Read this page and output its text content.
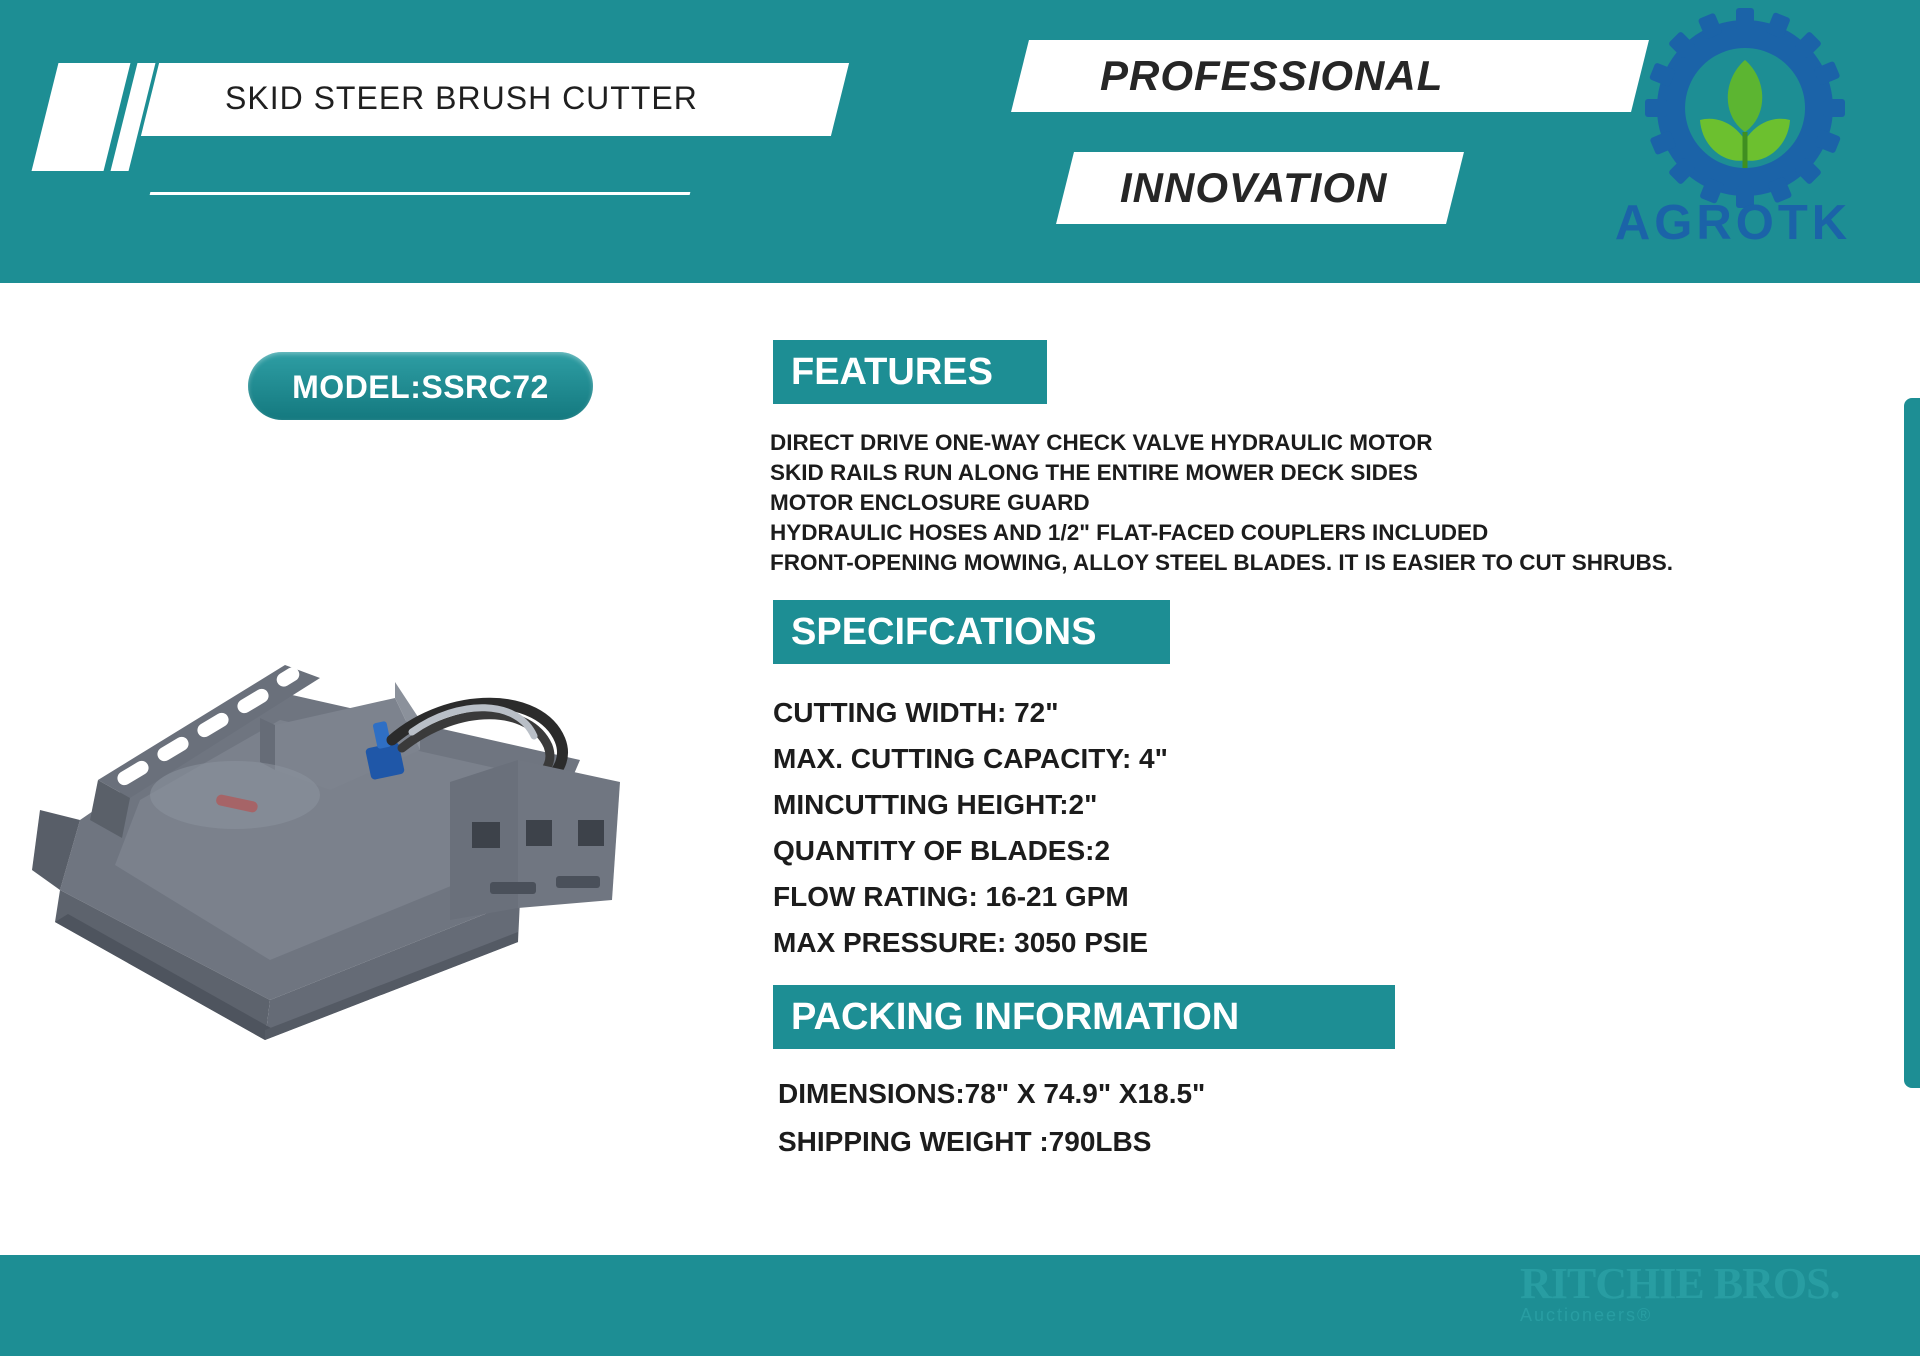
SKID STEER BRUSH CUTTER	PROFESSIONAL
INNOVATION
AGROTK
MODEL:SSRC72	FEATURES
DIRECT DRIVE ONE-WAY CHECK VALVE HYDRAULIC MOTOR
SKID RAILS RUN ALONG THE ENTIRE MOWER DECK SIDES
MOTOR ENCLOSURE GUARD
HYDRAULIC HOSES AND 1/2" FLAT-FACED COUPLERS INCLUDED
FRONT-OPENING MOWING, ALLOY STEEL BLADES. IT IS EASIER TO CUT SHRUBS.
SPECIFCATIONS
CUTTING WIDTH: 72"
MAX. CUTTING CAPACITY: 4"
MINCUTTING HEIGHT:2"
QUANTITY OF BLADES:2
FLOW RATING: 16-21 GPM
MAX PRESSURE: 3050 PSIE
PACKING INFORMATION
DIMENSIONS:78" X 74.9" X18.5"
SHIPPING WEIGHT :790LBS
RITCHIE BROS.
Auctioneers®
